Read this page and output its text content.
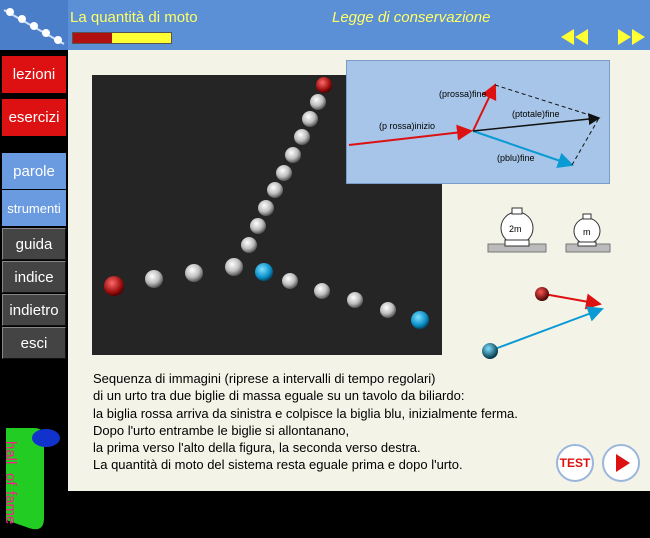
La quantità di moto	Legge di conservazione
lezioni
esercizi
parole
strumenti
guida
indice
indietro
esci
hall
of
fame
(p rossa)inizio
(prossa)fine
(ptotale)fine
(pblu)fine
2m	m
Sequenza di immagini (riprese a intervalli di tempo regolari)
di un urto tra due biglie di massa eguale su un tavolo da biliardo:
la biglia rossa arriva da sinistra e colpisce la biglia blu, inizialmente ferma.
Dopo l'urto entrambe le biglie si allontanano,
la prima verso l'alto della figura, la seconda verso destra.
La quantità di moto del sistema resta eguale prima e dopo l'urto.	TEST
